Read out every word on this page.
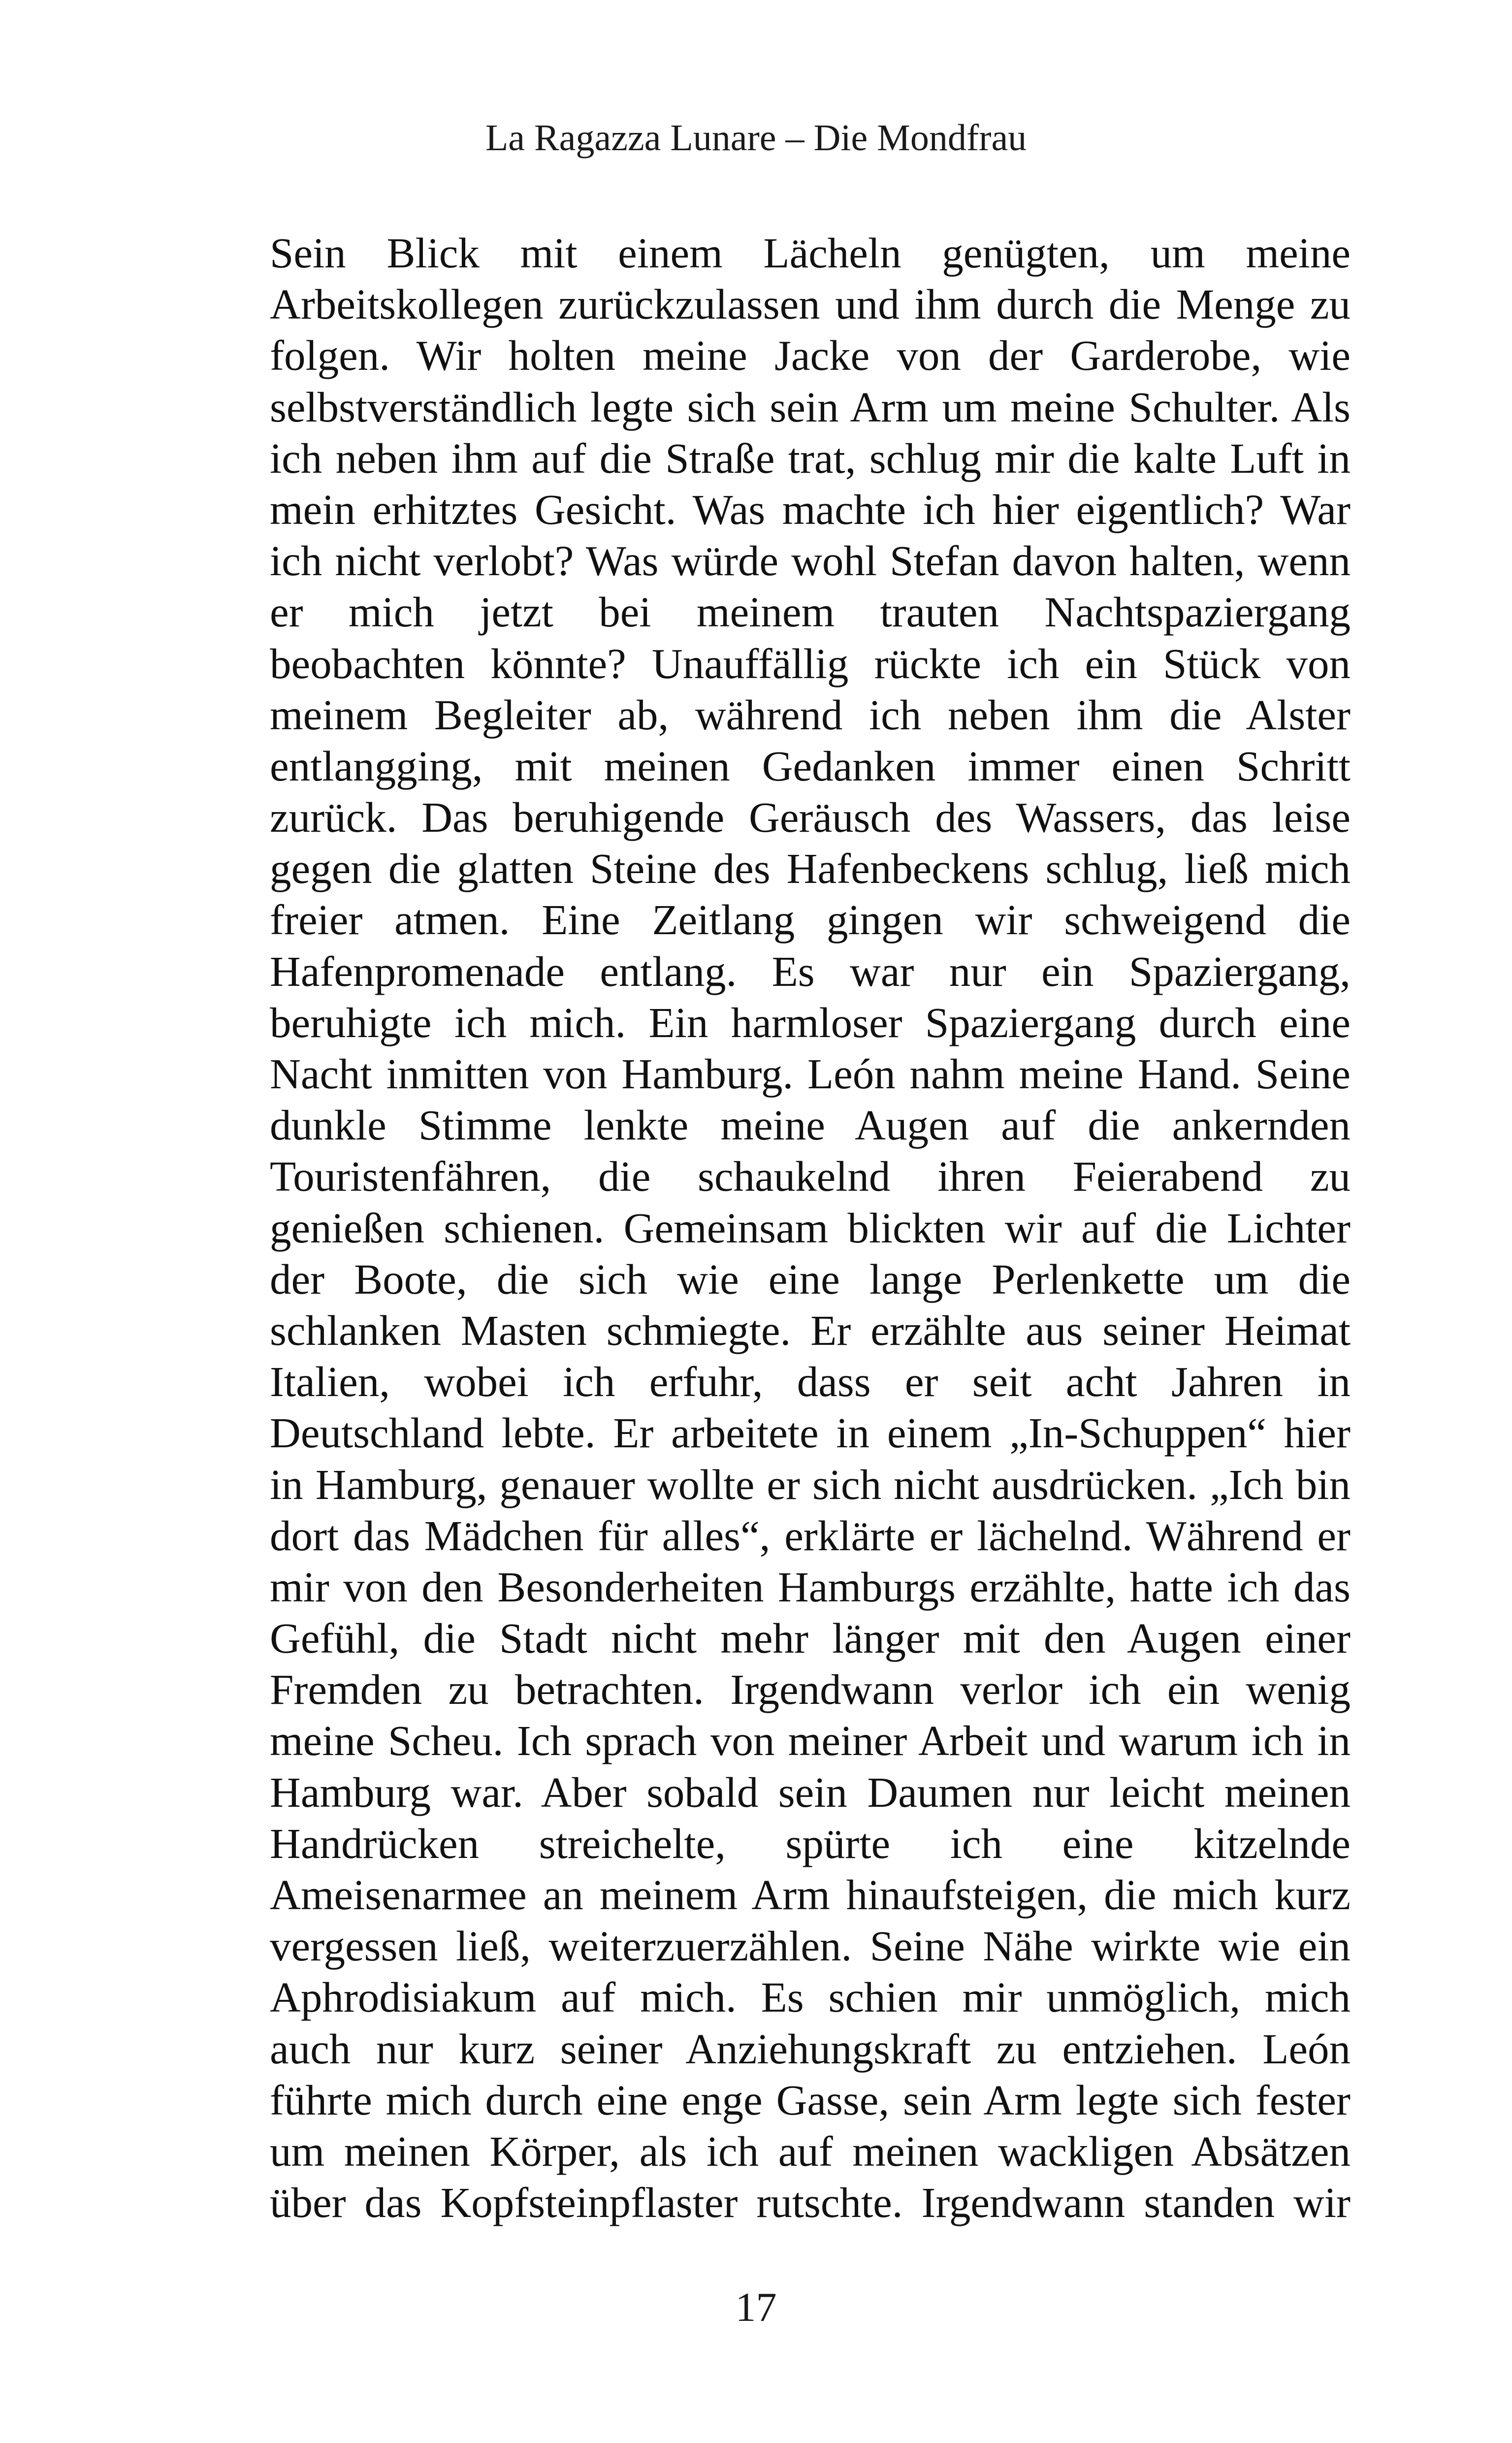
La Ragazza Lunare – Die Mondfrau
Sein Blick mit einem Lächeln genügten, um meine
Arbeitskollegen zurückzulassen und ihm durch die Menge zu
folgen. Wir holten meine Jacke von der Garderobe, wie
selbstverständlich legte sich sein Arm um meine Schulter. Als
ich neben ihm auf die Straße trat, schlug mir die kalte Luft in
mein erhitztes Gesicht. Was machte ich hier eigentlich? War
ich nicht verlobt? Was würde wohl Stefan davon halten, wenn
er mich jetzt bei meinem trauten Nachtspaziergang
beobachten könnte? Unauffällig rückte ich ein Stück von
meinem Begleiter ab, während ich neben ihm die Alster
entlangging, mit meinen Gedanken immer einen Schritt
zurück. Das beruhigende Geräusch des Wassers, das leise
gegen die glatten Steine des Hafenbeckens schlug, ließ mich
freier atmen. Eine Zeitlang gingen wir schweigend die
Hafenpromenade entlang. Es war nur ein Spaziergang,
beruhigte ich mich. Ein harmloser Spaziergang durch eine
Nacht inmitten von Hamburg. León nahm meine Hand. Seine
dunkle Stimme lenkte meine Augen auf die ankernden
Touristenfähren, die schaukelnd ihren Feierabend zu
genießen schienen. Gemeinsam blickten wir auf die Lichter
der Boote, die sich wie eine lange Perlenkette um die
schlanken Masten schmiegte. Er erzählte aus seiner Heimat
Italien, wobei ich erfuhr, dass er seit acht Jahren in
Deutschland lebte. Er arbeitete in einem „In-Schuppen“ hier
in Hamburg, genauer wollte er sich nicht ausdrücken. „Ich bin
dort das Mädchen für alles“, erklärte er lächelnd. Während er
mir von den Besonderheiten Hamburgs erzählte, hatte ich das
Gefühl, die Stadt nicht mehr länger mit den Augen einer
Fremden zu betrachten. Irgendwann verlor ich ein wenig
meine Scheu. Ich sprach von meiner Arbeit und warum ich in
Hamburg war. Aber sobald sein Daumen nur leicht meinen
Handrücken streichelte, spürte ich eine kitzelnde
Ameisenarmee an meinem Arm hinaufsteigen, die mich kurz
vergessen ließ, weiterzuerzählen. Seine Nähe wirkte wie ein
Aphrodisiakum auf mich. Es schien mir unmöglich, mich
auch nur kurz seiner Anziehungskraft zu entziehen. León
führte mich durch eine enge Gasse, sein Arm legte sich fester
um meinen Körper, als ich auf meinen wackligen Absätzen
über das Kopfsteinpflaster rutschte. Irgendwann standen wir
17
